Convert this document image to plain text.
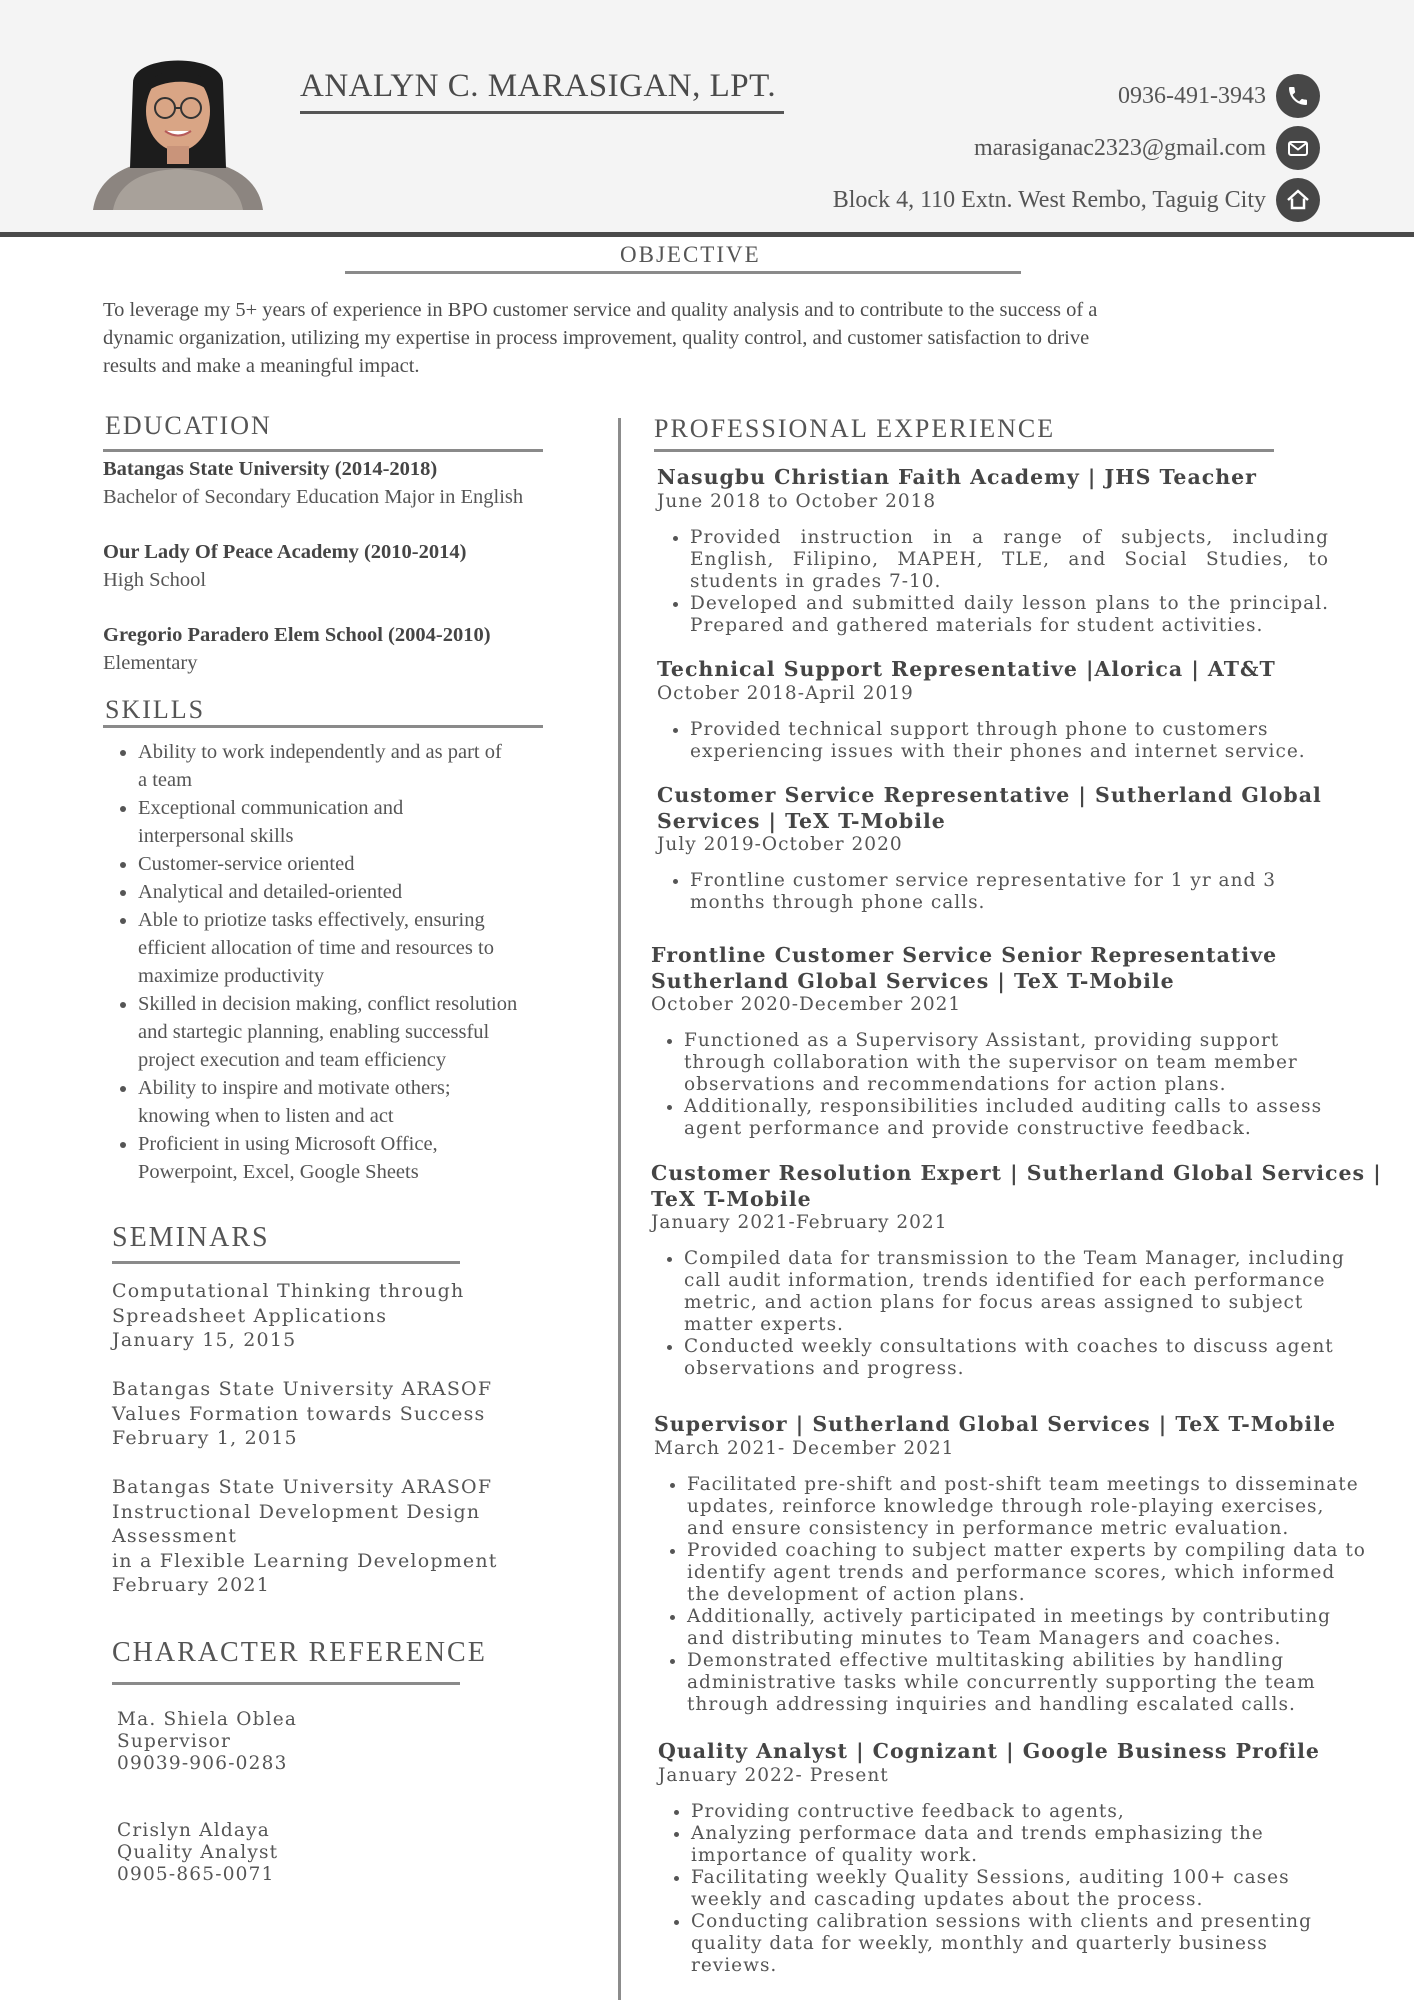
ANALYN C. MARASIGAN, LPT.	0936-491-3943
marasiganac2323@gmail.com
Block 4, 110 Extn. West Rembo, Taguig City
OBJECTIVE
To leverage my 5+ years of experience in BPO customer service and quality analysis and to contribute to the success of a
dynamic organization, utilizing my expertise in process improvement, quality control, and customer satisfaction to drive
results and make a meaningful impact.
EDUCATION
Batangas State University (2014-2018)
Bachelor of Secondary Education Major in English
Our Lady Of Peace Academy (2010-2014)
High School
Gregorio Paradero Elem School (2004-2010)
Elementary
SKILLS
• Ability to work independently and as part of
a team
• Exceptional communication and
interpersonal skills
• Customer-service oriented
• Analytical and detailed-oriented
• Able to priotize tasks effectively, ensuring
efficient allocation of time and resources to
maximize productivity
• Skilled in decision making, conflict resolution
and startegic planning, enabling successful
project execution and team efficiency
• Ability to inspire and motivate others;
knowing when to listen and act
• Proficient in using Microsoft Office,
Powerpoint, Excel, Google Sheets
SEMINARS
Computational Thinking through
Spreadsheet Applications
January 15, 2015
Batangas State University ARASOF
Values Formation towards Success
February 1, 2015
Batangas State University ARASOF
Instructional Development Design
Assessment
in a Flexible Learning Development
February 2021
CHARACTER REFERENCE
Ma. Shiela Oblea
Supervisor
09039-906-0283
Crislyn Aldaya
Quality Analyst
0905-865-0071
PROFESSIONAL EXPERIENCE
Nasugbu Christian Faith Academy | JHS Teacher
June 2018 to October 2018
• Provided instruction in a range of subjects, including English, Filipino, MAPEH, TLE, and Social Studies, to students in grades 7-10.
• Developed and submitted daily lesson plans to the principal. Prepared and gathered materials for student activities.
Technical Support Representative |Alorica | AT&T
October 2018-April 2019
• Provided technical support through phone to customers
experiencing issues with their phones and internet service.
Customer Service Representative | Sutherland Global
Services | TeX T-Mobile
July 2019-October 2020
• Frontline customer service representative for 1 yr and 3
months through phone calls.
Frontline Customer Service Senior Representative
Sutherland Global Services | TeX T-Mobile
October 2020-December 2021
• Functioned as a Supervisory Assistant, providing support
through collaboration with the supervisor on team member
observations and recommendations for action plans.
• Additionally, responsibilities included auditing calls to assess
agent performance and provide constructive feedback.
Customer Resolution Expert | Sutherland Global Services |
TeX T-Mobile
January 2021-February 2021
• Compiled data for transmission to the Team Manager, including
call audit information, trends identified for each performance
metric, and action plans for focus areas assigned to subject
matter experts.
• Conducted weekly consultations with coaches to discuss agent
observations and progress.
Supervisor | Sutherland Global Services | TeX T-Mobile
March 2021- December 2021
• Facilitated pre-shift and post-shift team meetings to disseminate
updates, reinforce knowledge through role-playing exercises,
and ensure consistency in performance metric evaluation.
• Provided coaching to subject matter experts by compiling data to
identify agent trends and performance scores, which informed
the development of action plans.
• Additionally, actively participated in meetings by contributing
and distributing minutes to Team Managers and coaches.
• Demonstrated effective multitasking abilities by handling
administrative tasks while concurrently supporting the team
through addressing inquiries and handling escalated calls.
Quality Analyst | Cognizant | Google Business Profile
January 2022- Present
• Providing contructive feedback to agents,
• Analyzing performace data and trends emphasizing the
importance of quality work.
• Facilitating weekly Quality Sessions, auditing 100+ cases
weekly and cascading updates about the process.
• Conducting calibration sessions with clients and presenting
quality data for weekly, monthly and quarterly business
reviews.
